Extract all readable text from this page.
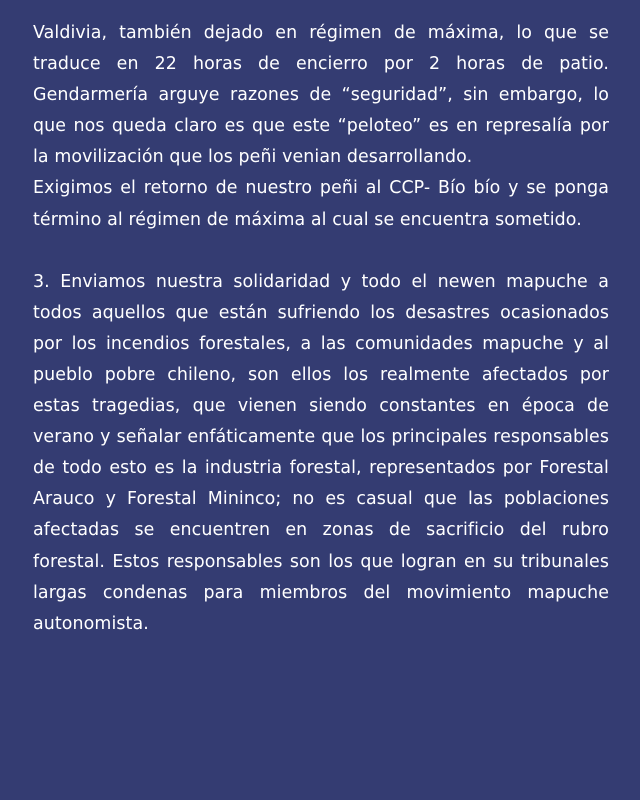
Valdivia, también dejado en régimen de máxima, lo que se traduce en 22 horas de encierro por 2 horas de patio. Gendarmería arguye razones de “seguridad”, sin embargo, lo que nos queda claro es que este “peloteo” es en represalía por la movilización que los peñi venian desarrollando.

Exigimos el retorno de nuestro peñi al CCP- Bío bío y se ponga término al régimen de máxima al cual se encuentra sometido.

3. Enviamos nuestra solidaridad y todo el newen mapuche a todos aquellos que están sufriendo los desastres ocasionados por los incendios forestales, a las comunidades mapuche y al pueblo pobre chileno, son ellos los realmente afectados por estas tragedias, que vienen siendo constantes en época de verano y señalar enfáticamente que los principales responsables de todo esto es la industria forestal, representados por Forestal Arauco y Forestal Mininco; no es casual que las poblaciones afectadas se encuentren en zonas de sacrificio del rubro forestal. Estos responsables son los que logran en su tribunales largas condenas para miembros del movimiento mapuche autonomista.
